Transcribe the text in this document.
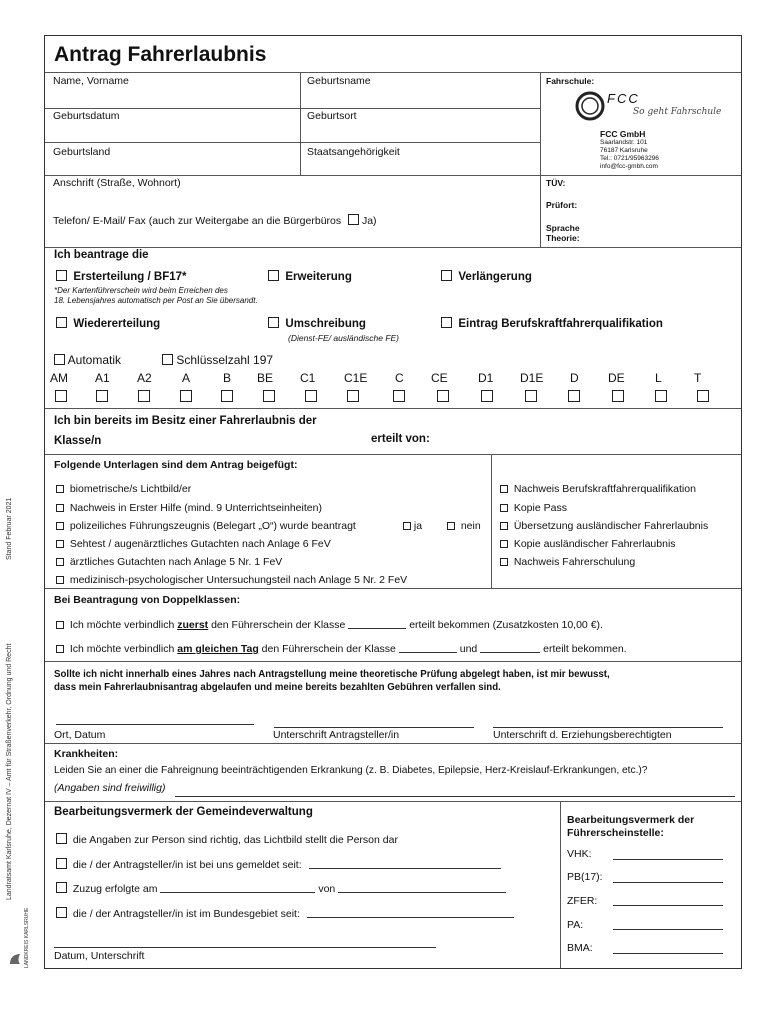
Stand Februar 2021
Landratsamt Karlsruhe, Dezernat IV – Amt für Straßenverkehr, Ordnung und Recht
LANDKREIS KARLSRUHE
Antrag Fahrerlaubnis
Name, Vorname	Geburtsname
Geburtsdatum	Geburtsort
Geburtsland	Staatsangehörigkeit
Anschrift (Straße, Wohnort)
Telefon/ E-Mail/ Fax (auch zur Weitergabe an die Bürgerbüros Ja)
Fahrschule:
FCC
So geht Fahrschule
FCC GmbH
Saarlandstr. 101
76187 Karlsruhe
Tel.: 0721/95963296
info@fcc-gmbh.com
TÜV:
Prüfort:
Sprache
Theorie:
Ich beantrage die
Ersterteilung / BF17*	Erweiterung	Verlängerung
*Der Kartenführerschein wird beim Erreichen des
18. Lebensjahres automatisch per Post an Sie übersandt.
Wiedererteilung	Umschreibung
(Dienst-FE/ ausländische FE)
Eintrag Berufskraftfahrerqualifikation
Automatik	Schlüsselzahl 197
AM A1 A2	A	B BE C1 C1E C CE	D1 D1E D DE	L	T
Ich bin bereits im Besitz einer Fahrerlaubnis der
Klasse/n	erteilt von:
Folgende Unterlagen sind dem Antrag beigefügt:
biometrische/s Lichtbild/er
Nachweis in Erster Hilfe (mind. 9 Unterrichtseinheiten)
polizeiliches Führungszeugnis (Belegart „O“) wurde beantragt	ja	nein
Sehtest / augenärztliches Gutachten nach Anlage 6 FeV
ärztliches Gutachten nach Anlage 5 Nr. 1 FeV
medizinisch-psychologischer Untersuchungsteil nach Anlage 5 Nr. 2 FeV
Nachweis Berufskraftfahrerqualifikation
Kopie Pass
Übersetzung ausländischer Fahrerlaubnis
Kopie ausländischer Fahrerlaubnis
Nachweis Fahrerschulung
Bei Beantragung von Doppelklassen:
Ich möchte verbindlich zuerst den Führerschein der Klasse	erteilt bekommen (Zusatzkosten 10,00 €).
Ich möchte verbindlich am gleichen Tag den Führerschein der Klasse	und	erteilt bekommen.
Sollte ich nicht innerhalb eines Jahres nach Antragstellung meine theoretische Prüfung abgelegt haben, ist mir bewusst,
dass mein Fahrerlaubnisantrag abgelaufen und meine bereits bezahlten Gebühren verfallen sind.
Ort, Datum	Unterschrift Antragsteller/in	Unterschrift d. Erziehungsberechtigten
Krankheiten:
Leiden Sie an einer die Fahreignung beeinträchtigenden Erkrankung (z. B. Diabetes, Epilepsie, Herz-Kreislauf-Erkrankungen, etc.)?
(Angaben sind freiwillig)
Bearbeitungsvermerk der Gemeindeverwaltung
die Angaben zur Person sind richtig, das Lichtbild stellt die Person dar
die / der Antragsteller/in ist bei uns gemeldet seit:
Zuzug erfolgte am	von
die / der Antragsteller/in ist im Bundesgebiet seit:
Datum, Unterschrift
Bearbeitungsvermerk der
Führerscheinstelle:
VHK:
PB(17):
ZFER:
PA:
BMA:
